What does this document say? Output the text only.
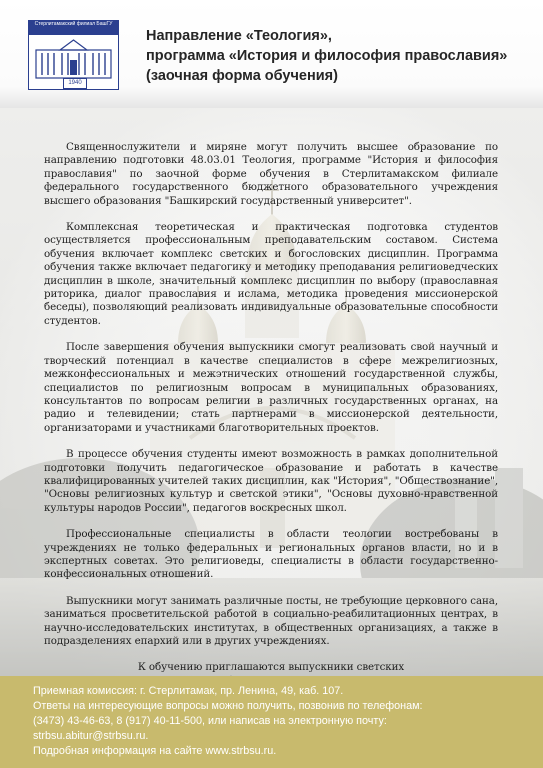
Стерлитамакский филиал БашГУ
1940
Направление «Теология»,
программа «История и философия православия»
(заочная форма обучения)

Священнослужители и миряне могут получить высшее образование по направлению подготовки 48.03.01 Теология, программе "История и философия православия" по заочной форме обучения в Стерлитамакском филиале федерального государственного бюджетного образовательного учреждения высшего образования "Башкирский государственный университет".

Комплексная теоретическая и практическая подготовка студентов осуществляется профессиональным преподавательским составом. Система обучения включает комплекс светских и богословских дисциплин. Программа обучения также включает педагогику и методику преподавания религиоведческих дисциплин в школе, значительный комплекс дисциплин по выбору (православная риторика, диалог православия и ислама, методика проведения миссионерской беседы), позволяющий реализовать индивидуальные образовательные способности студентов.

После завершения обучения выпускники смогут реализовать свой научный и творческий потенциал в качестве специалистов в сфере межрелигиозных, межконфессиональных и межэтнических отношений государственной службы, специалистов по религиозным вопросам в муниципальных образованиях, консультантов по вопросам религии в различных государственных органах, на радио и телевидении; стать партнерами в миссионерской деятельности, организаторами и участниками благотворительных проектов.

В процессе обучения студенты имеют возможность в рамках дополнительной подготовки получить педагогическое образование и работать в качестве квалифицированных учителей таких дисциплин, как "История", "Обществознание", "Основы религиозных культур и светской этики", "Основы духовно-нравственной культуры народов России", педагогов воскресных школ.

Профессиональные специалисты в области теологии востребованы в учреждениях не только федеральных и региональных органов власти, но и в экспертных советах. Это религиоведы, специалисты в области государственно-конфессиональных отношений.

Выпускники могут занимать различные посты, не требующие церковного сана, заниматься просветительской работой в социально-реабилитационных центрах, в научно-исследовательских институтах, в общественных организациях, а также в подразделениях епархий или в других учреждениях.

К обучению приглашаются выпускники светских

Приемная комиссия: г. Стерлитамак, пр. Ленина, 49, каб. 107.
Ответы на интересующие вопросы можно получить, позвонив по телефонам:
(3473) 43-46-63, 8 (917) 40-11-500, или написав на электронную почту:
strbsu.abitur@strbsu.ru.
Подробная информация на сайте www.strbsu.ru.
